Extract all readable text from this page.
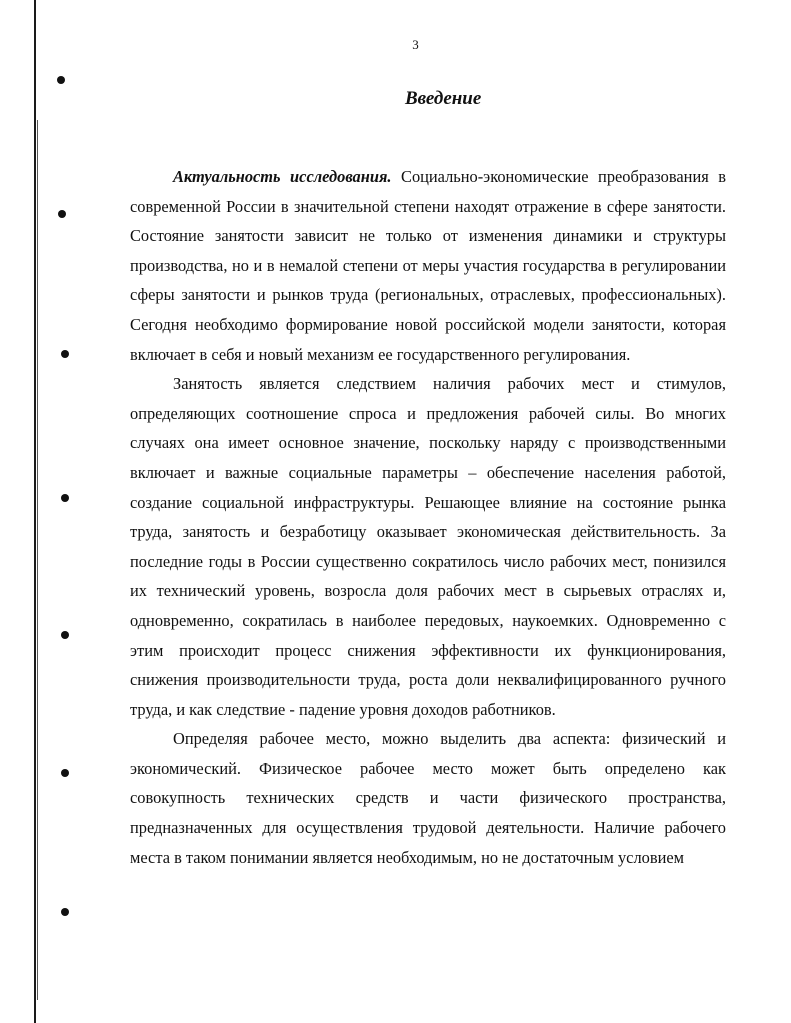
3
Введение

Актуальность исследования. Социально-экономические преобразования в современной России в значительной степени находят отражение в сфере занятости. Состояние занятости зависит не только от изменения динамики и структуры производства, но и в немалой степени от меры участия государства в регулировании сферы занятости и рынков труда (региональных, отраслевых, профессиональных). Сегодня необходимо формирование новой российской модели занятости, которая включает в себя и новый механизм ее государственного регулирования.

Занятость является следствием наличия рабочих мест и стимулов, определяющих соотношение спроса и предложения рабочей силы. Во многих случаях она имеет основное значение, поскольку наряду с производственными включает и важные социальные параметры – обеспечение населения работой, создание социальной инфраструктуры. Решающее влияние на состояние рынка труда, занятость и безработицу оказывает экономическая действительность. За последние годы в России существенно сократилось число рабочих мест, понизился их технический уровень, возросла доля рабочих мест в сырьевых отраслях и, одновременно, сократилась в наиболее передовых, наукоемких. Одновременно с этим происходит процесс снижения эффективности их функционирования, снижения производительности труда, роста доли неквалифицированного ручного труда, и как следствие - падение уровня доходов работников.

Определяя рабочее место, можно выделить два аспекта: физический и экономический. Физическое рабочее место может быть определено как совокупность технических средств и части физического пространства, предназначенных для осуществления трудовой деятельности. Наличие рабочего места в таком понимании является необходимым, но не достаточным условием
